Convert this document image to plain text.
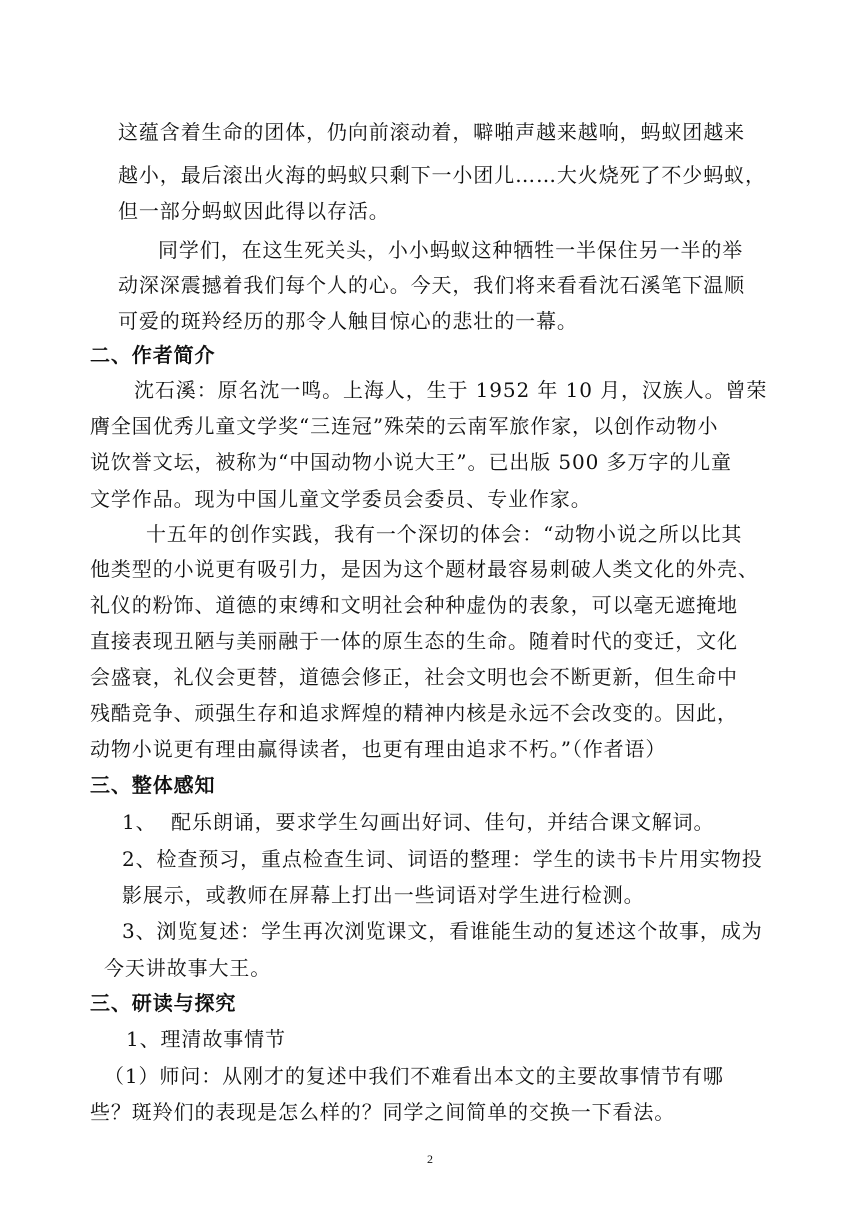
这蕴含着生命的团体，仍向前滚动着，噼啪声越来越响，蚂蚁团越来
越小，最后滚出火海的蚂蚁只剩下一小团儿……大火烧死了不少蚂蚁，
但一部分蚂蚁因此得以存活。
同学们，在这生死关头，小小蚂蚁这种牺牲一半保住另一半的举
动深深震撼着我们每个人的心。今天，我们将来看看沈石溪笔下温顺
可爱的斑羚经历的那令人触目惊心的悲壮的一幕。
二、作者简介
沈石溪：原名沈一鸣。上海人，生于 1952 年 10 月，汉族人。曾荣
膺全国优秀儿童文学奖“三连冠”殊荣的云南军旅作家，以创作动物小
说饮誉文坛，被称为“中国动物小说大王”。已出版 500 多万字的儿童
文学作品。现为中国儿童文学委员会委员、专业作家。
十五年的创作实践，我有一个深切的体会：“动物小说之所以比其
他类型的小说更有吸引力，是因为这个题材最容易刺破人类文化的外壳、
礼仪的粉饰、道德的束缚和文明社会种种虚伪的表象，可以毫无遮掩地
直接表现丑陋与美丽融于一体的原生态的生命。随着时代的变迁，文化
会盛衰，礼仪会更替，道德会修正，社会文明也会不断更新，但生命中
残酷竞争、顽强生存和追求辉煌的精神内核是永远不会改变的。因此，
动物小说更有理由赢得读者，也更有理由追求不朽。”（作者语）
三、整体感知
1、  配乐朗诵，要求学生勾画出好词、佳句，并结合课文解词。
2、检查预习，重点检查生词、词语的整理：学生的读书卡片用实物投
影展示，或教师在屏幕上打出一些词语对学生进行检测。
3、浏览复述：学生再次浏览课文，看谁能生动的复述这个故事，成为
今天讲故事大王。
三、研读与探究
1、理清故事情节
（1）师问：从刚才的复述中我们不难看出本文的主要故事情节有哪
些？斑羚们的表现是怎么样的？同学之间简单的交换一下看法。
2
